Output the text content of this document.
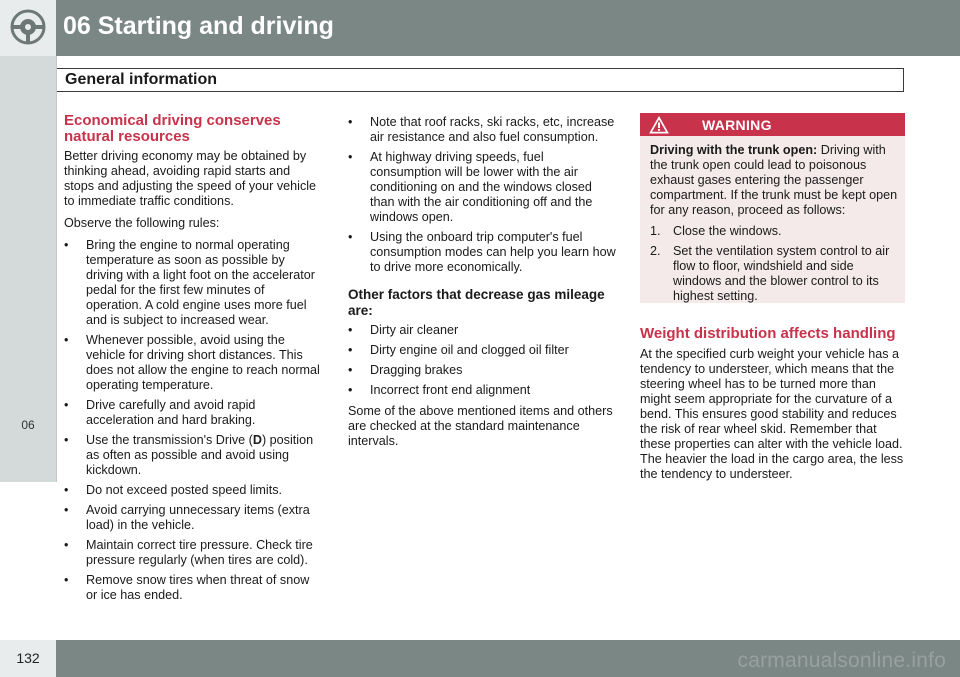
06 Starting and driving
General information
06
Economical driving conserves natural resources

Better driving economy may be obtained by thinking ahead, avoiding rapid starts and stops and adjusting the speed of your vehicle to immediate traffic conditions.

Observe the following rules:

• Bring the engine to normal operating temperature as soon as possible by driving with a light foot on the accelerator pedal for the first few minutes of operation. A cold engine uses more fuel and is subject to increased wear.
• Whenever possible, avoid using the vehicle for driving short distances. This does not allow the engine to reach normal operating temperature.
• Drive carefully and avoid rapid acceleration and hard braking.
• Use the transmission's Drive (D) position as often as possible and avoid using kickdown.
• Do not exceed posted speed limits.
• Avoid carrying unnecessary items (extra load) in the vehicle.
• Maintain correct tire pressure. Check tire pressure regularly (when tires are cold).
• Remove snow tires when threat of snow or ice has ended.
• Note that roof racks, ski racks, etc, increase air resistance and also fuel consumption.
• At highway driving speeds, fuel consumption will be lower with the air conditioning on and the windows closed than with the air conditioning off and the windows open.
• Using the onboard trip computer's fuel consumption modes can help you learn how to drive more economically.
Other factors that decrease gas mileage are:
• Dirty air cleaner
• Dirty engine oil and clogged oil filter
• Dragging brakes
• Incorrect front end alignment

Some of the above mentioned items and others are checked at the standard maintenance intervals.

WARNING

Driving with the trunk open: Driving with the trunk open could lead to poisonous exhaust gases entering the passenger compartment. If the trunk must be kept open for any reason, proceed as follows:

1. Close the windows.
2. Set the ventilation system control to air flow to floor, windshield and side windows and the blower control to its highest setting.
Weight distribution affects handling

At the specified curb weight your vehicle has a tendency to understeer, which means that the steering wheel has to be turned more than might seem appropriate for the curvature of a bend. This ensures good stability and reduces the risk of rear wheel skid. Remember that these properties can alter with the vehicle load. The heavier the load in the cargo area, the less the tendency to understeer.

132	carmanualsonline.info
